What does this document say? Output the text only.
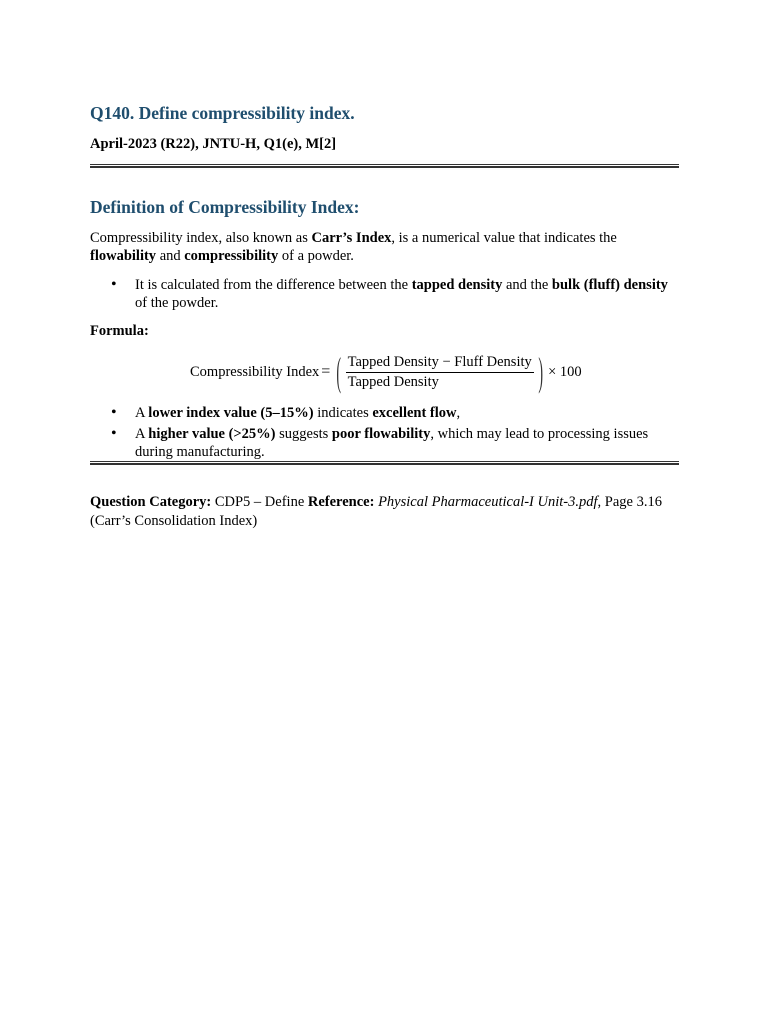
Q140. Define compressibility index.

April-2023 (R22), JNTU-H, Q1(e), M[2]

Definition of Compressibility Index:

Compressibility index, also known as Carr’s Index, is a numerical value that indicates the flowability and compressibility of a powder.

• It is calculated from the difference between the tapped density and the bulk (fluff) density of the powder.

Formula:

Compressibility Index = ( $\frac{\text{Tapped Density − Fluff Density}}{\text{Tapped Density}}$ ) × 100
• A lower index value (5–15%) indicates excellent flow,
• A higher value (>25%) suggests poor flowability, which may lead to processing issues during manufacturing.

Question Category: CDP5 – Define Reference: Physical Pharmaceutical-I Unit-3.pdf, Page 3.16 (Carr’s Consolidation Index)
